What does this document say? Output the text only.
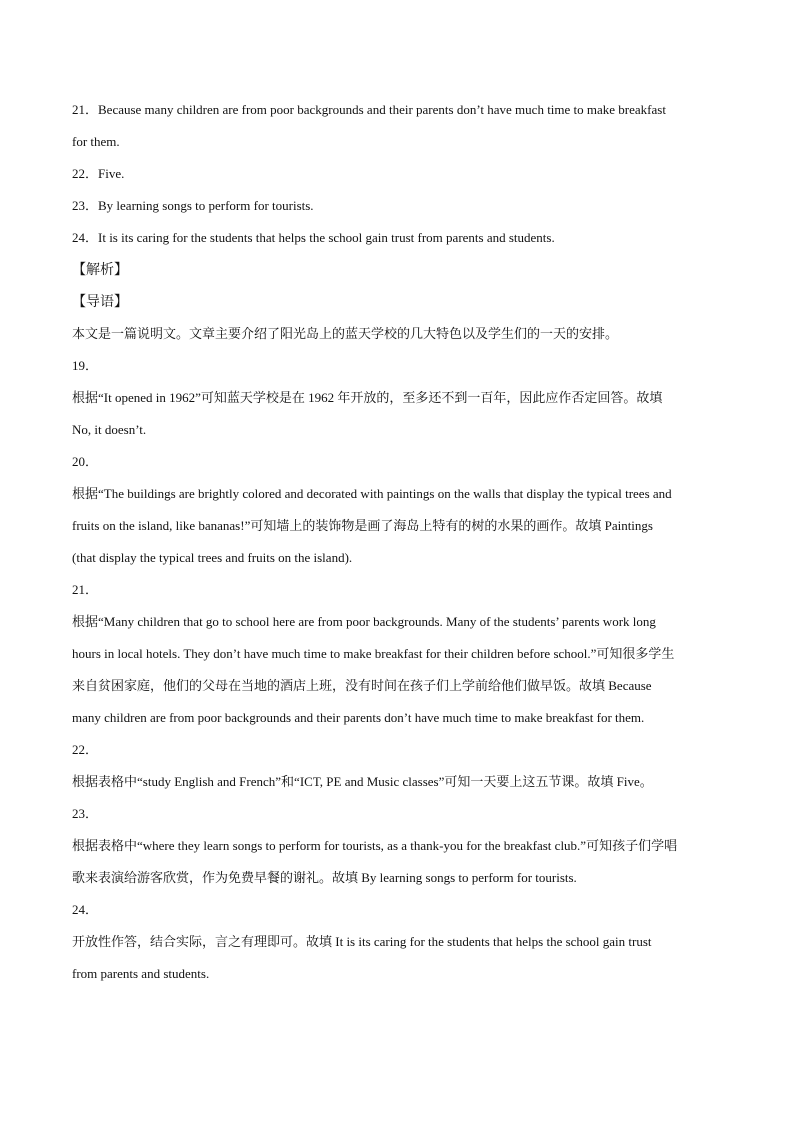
21．Because many children are from poor backgrounds and their parents don’t have much time to make breakfast
for them.
22．Five.
23．By learning songs to perform for tourists.
24．It is its caring for the students that helps the school gain trust from parents and students.
【解析】
【导语】
本文是一篇说明文。文章主要介绍了阳光岛上的蓝天学校的几大特色以及学生们的一天的安排。
19．
根据“It opened in 1962”可知蓝天学校是在 1962 年开放的，至多还不到一百年，因此应作否定回答。故填
No, it doesn’t.
20．
根据“The buildings are brightly colored and decorated with paintings on the walls that display the typical trees and
fruits on the island, like bananas!”可知墙上的装饰物是画了海岛上特有的树的水果的画作。故填 Paintings
(that display the typical trees and fruits on the island).
21．
根据“Many children that go to school here are from poor backgrounds. Many of the students’ parents work long
hours in local hotels. They don’t have much time to make breakfast for their children before school.”可知很多学生
来自贫困家庭，他们的父母在当地的酒店上班，没有时间在孩子们上学前给他们做早饭。故填 Because
many children are from poor backgrounds and their parents don’t have much time to make breakfast for them.
22．
根据表格中“study English and French”和“ICT, PE and Music classes”可知一天要上这五节课。故填 Five。
23．
根据表格中“where they learn songs to perform for tourists, as a thank-you for the breakfast club.”可知孩子们学唱
歌来表演给游客欣赏，作为免费早餐的谢礼。故填 By learning songs to perform for tourists.
24．
开放性作答，结合实际，言之有理即可。故填 It is its caring for the students that helps the school gain trust
from parents and students.
